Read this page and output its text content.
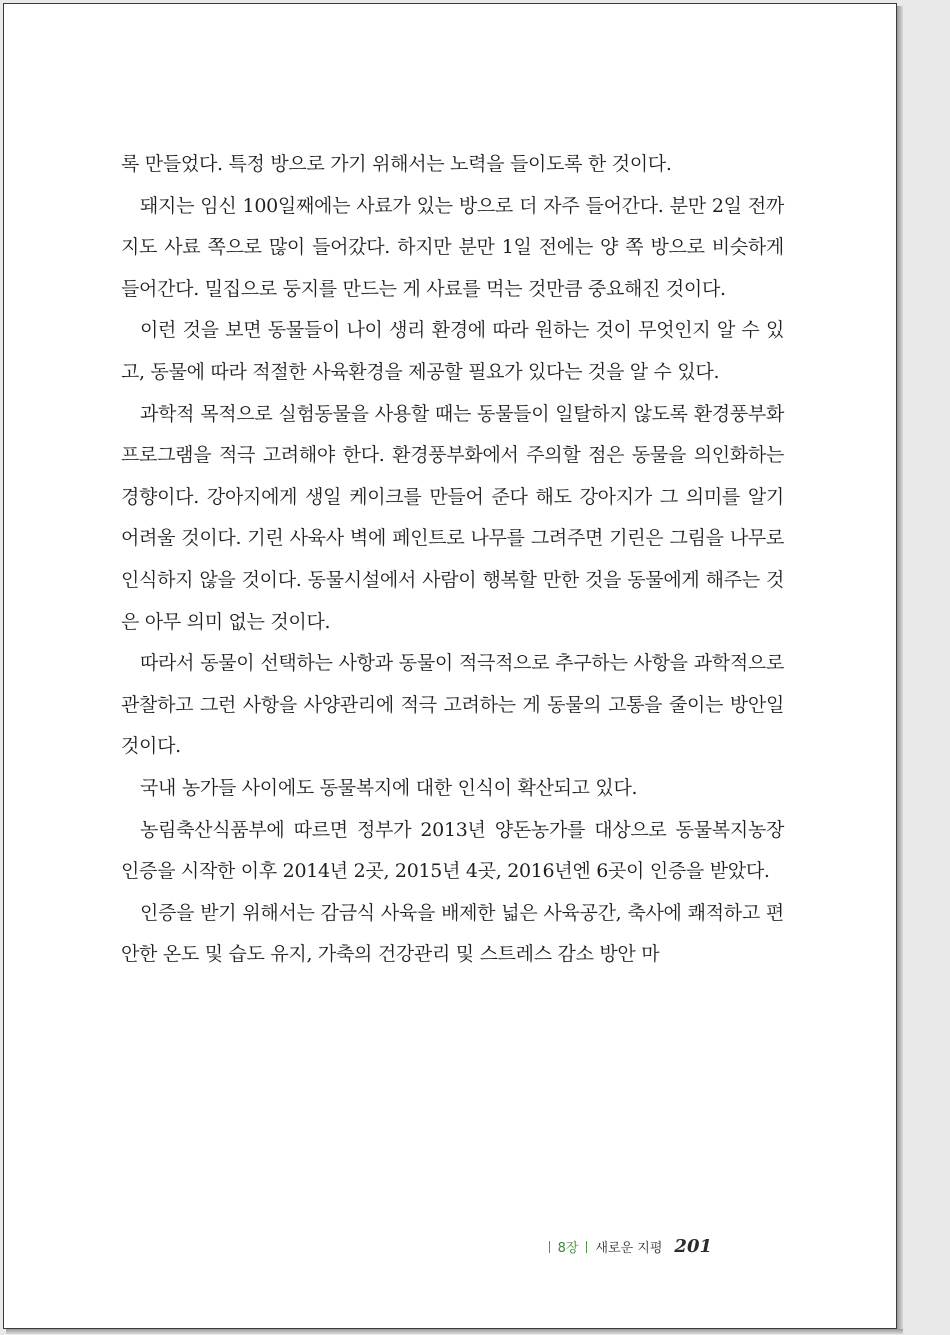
록 만들었다. 특정 방으로 가기 위해서는 노력을 들이도록 한 것이다.

돼지는 임신 100일째에는 사료가 있는 방으로 더 자주 들어간다. 분만 2일 전까지도 사료 쪽으로 많이 들어갔다. 하지만 분만 1일 전에는 양 쪽 방으로 비슷하게 들어간다. 밀집으로 둥지를 만드는 게 사료를 먹는 것만큼 중요해진 것이다.

이런 것을 보면 동물들이 나이 생리 환경에 따라 원하는 것이 무엇인지 알 수 있고, 동물에 따라 적절한 사육환경을 제공할 필요가 있다는 것을 알 수 있다.

과학적 목적으로 실험동물을 사용할 때는 동물들이 일탈하지 않도록 환경풍부화 프로그램을 적극 고려해야 한다. 환경풍부화에서 주의할 점은 동물을 의인화하는 경향이다. 강아지에게 생일 케이크를 만들어 준다 해도 강아지가 그 의미를 알기 어려울 것이다. 기린 사육사 벽에 페인트로 나무를 그려주면 기린은 그림을 나무로 인식하지 않을 것이다. 동물시설에서 사람이 행복할 만한 것을 동물에게 해주는 것은 아무 의미 없는 것이다.

따라서 동물이 선택하는 사항과 동물이 적극적으로 추구하는 사항을 과학적으로 관찰하고 그런 사항을 사양관리에 적극 고려하는 게 동물의 고통을 줄이는 방안일 것이다.

국내 농가들 사이에도 동물복지에 대한 인식이 확산되고 있다.

농림축산식품부에 따르면 정부가 2013년 양돈농가를 대상으로 동물복지농장 인증을 시작한 이후 2014년 2곳, 2015년 4곳, 2016년엔 6곳이 인증을 받았다.

인증을 받기 위해서는 감금식 사육을 배제한 넓은 사육공간, 축사에 쾌적하고 편안한 온도 및 습도 유지, 가축의 건강관리 및 스트레스 감소 방안 마

8장 새로운 지평 201
